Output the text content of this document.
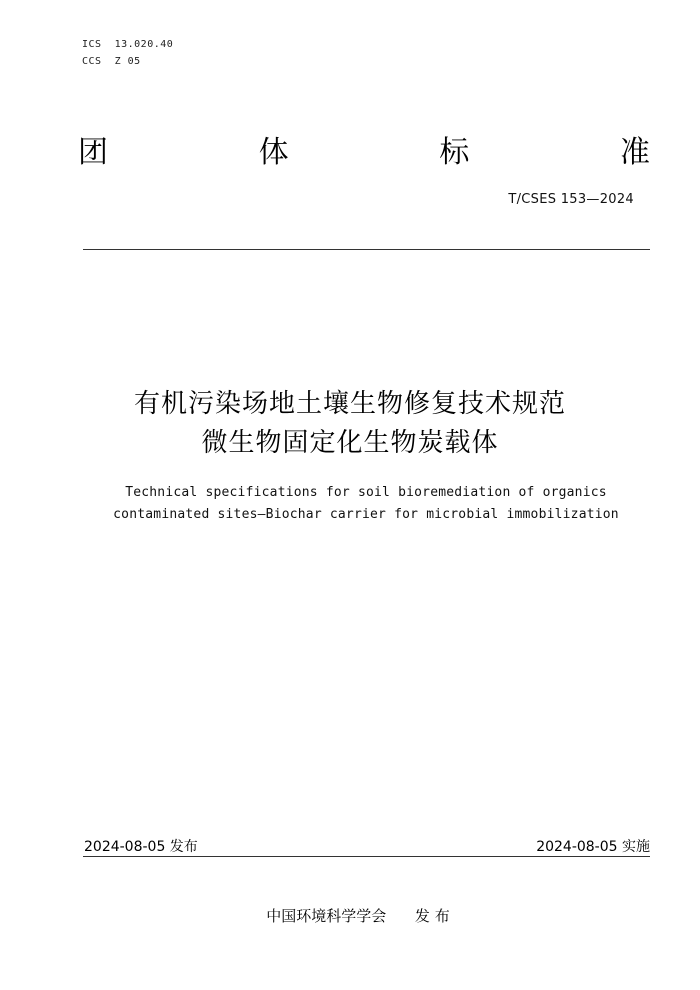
ICS  13.020.40
CCS  Z 05
团	体	标	准
T/CSES 153—2024
有机污染场地土壤生物修复技术规范
微生物固定化生物炭载体
Technical specifications for soil bioremediation of organics
contaminated sites—Biochar carrier for microbial immobilization
2024-08-05 发布	2024-08-05 实施
中国环境科学学会 发 布
